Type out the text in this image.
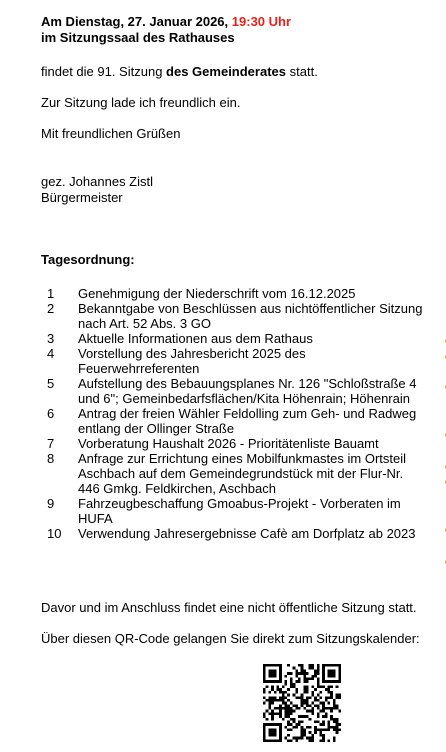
Am Dienstag, 27. Januar 2026, 19:30 Uhr
im Sitzungssaal des Rathauses
findet die 91. Sitzung des Gemeinderates statt.
Zur Sitzung lade ich freundlich ein.
Mit freundlichen Grüßen
gez. Johannes Zistl
Bürgermeister
Tagesordnung:
1	Genehmigung der Niederschrift vom 16.12.2025
2	Bekanntgabe von Beschlüssen aus nichtöffentlicher Sitzung nach Art. 52 Abs. 3 GO
3	Aktuelle Informationen aus dem Rathaus
4	Vorstellung des Jahresbericht 2025 des Feuerwehrreferenten
5	Aufstellung des Bebauungsplanes Nr. 126 "Schloßstraße 4 und 6"; Gemeinbedarfsflächen/Kita Höhenrain; Höhenrain
6	Antrag der freien Wähler Feldolling zum Geh- und Radweg entlang der Ollinger Straße
7	Vorberatung Haushalt 2026 - Prioritätenliste Bauamt
8	Anfrage zur Errichtung eines Mobilfunkmastes im Ortsteil Aschbach auf dem Gemeindegrundstück mit der Flur-Nr. 446 Gmkg. Feldkirchen, Aschbach
9	Fahrzeugbeschaffung Gmoabus-Projekt - Vorberaten im HUFA
10	Verwendung Jahresergebnisse Cafè am Dorfplatz ab 2023
Davor und im Anschluss findet eine nicht öffentliche Sitzung statt.
Über diesen QR-Code gelangen Sie direkt zum Sitzungskalender:
